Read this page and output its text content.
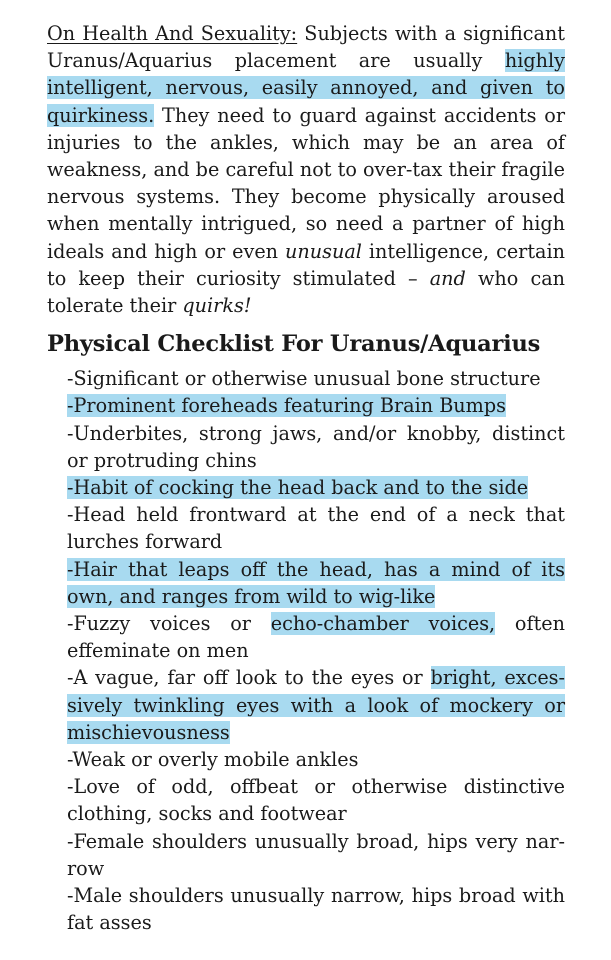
On Health And Sexuality: Subjects with a significant Uranus/Aquarius placement are usually highly intelligent, nervous, easily annoyed, and given to quirkiness. They need to guard against accidents or injuries to the ankles, which may be an area of weakness, and be careful not to over-tax their fragile nervous systems. They become physically aroused when mentally intrigued, so need a partner of high ideals and high or even unusual intelligence, certain to keep their curiosity stimulated – and who can tolerate their quirks!

Physical Checklist For Uranus/Aquarius
-Significant or otherwise unusual bone structure
-Prominent foreheads featuring Brain Bumps
-Underbites, strong jaws, and/or knobby, distinct or protruding chins
-Habit of cocking the head back and to the side
-Head held frontward at the end of a neck that lurches forward
-Hair that leaps off the head, has a mind of its own, and ranges from wild to wig-like
-Fuzzy voices or echo-chamber voices, often effeminate on men
-A vague, far off look to the eyes or bright, excessively twinkling eyes with a look of mockery or mischievousness
-Weak or overly mobile ankles
-Love of odd, offbeat or otherwise distinctive clothing, socks and footwear
-Female shoulders unusually broad, hips very narrow
-Male shoulders unusually narrow, hips broad with fat asses
